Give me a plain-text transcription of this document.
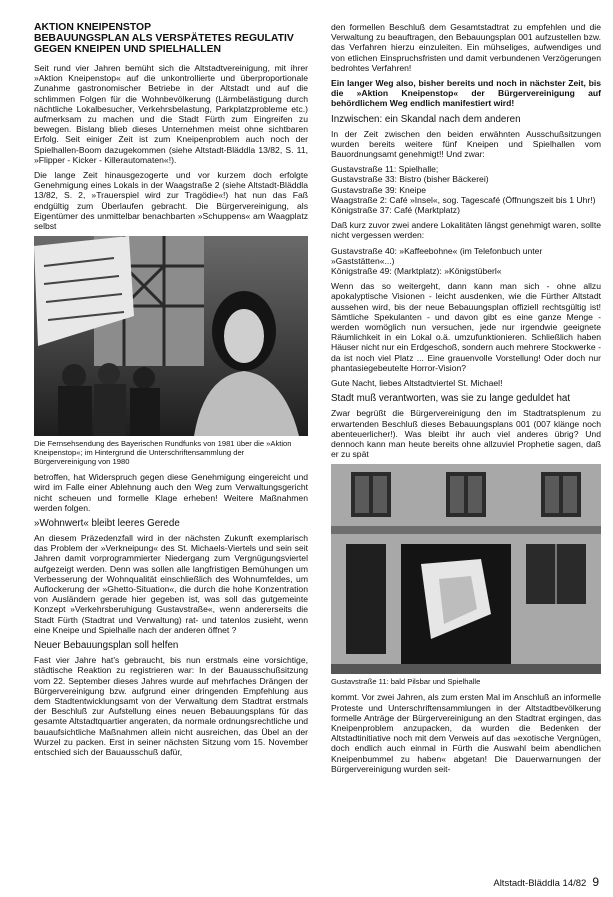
AKTION KNEIPENSTOP
BEBAUUNGSPLAN ALS VERSPÄTETES REGULATIV GEGEN KNEIPEN UND SPIELHALLEN

Seit rund vier Jahren bemüht sich die Altstadtvereinigung, mit ihrer »Aktion Kneipenstop« auf die unkontrollierte und überproportionale Zunahme gastronomischer Betriebe in der Altstadt und auf die schlimmen Folgen für die Wohnbevölkerung (Lärmbelästigung durch nächtliche Lokalbesucher, Verkehrsbelastung, Parkplatzprobleme etc.) aufmerksam zu machen und die Stadt Fürth zum Eingreifen zu bewegen. Bislang blieb dieses Unternehmen meist ohne sichtbaren Erfolg. Seit einiger Zeit ist zum Kneipenproblem auch noch der Spielhallen-Boom dazugekommen (siehe Altstadt-Bläddla 13/82, S. 11, »Flipper - Kicker - Killerautomaten«!).

Die lange Zeit hinausgezogerte und vor kurzem doch erfolgte Genehmigung eines Lokals in der Waagstraße 2 (siehe Altstadt-Bläddla 13/82, S. 2, »Trauerspiel wird zur Tragödie«!) hat nun das Faß endgültig zum Überlaufen gebracht. Die Bürgervereinigung, als Eigentümer des unmittelbar benachbarten »Schuppens« am Waagplatz selbst

Die Fernsehsendung des Bayerischen Rundfunks von 1981 über die »Aktion Kneipenstop«; im Hintergrund die Unterschriftensammlung der Bürgervereinigung von 1980

betroffen, hat Widerspruch gegen diese Genehmigung eingereicht und wird im Falle einer Ablehnung auch den Weg zum Verwaltungsgericht nicht scheuen und formelle Klage erheben! Weitere Maßnahmen werden folgen.

»Wohnwert« bleibt leeres Gerede

An diesem Präzedenzfall wird in der nächsten Zukunft exemplarisch das Problem der »Verkneipung« des St. Michaels-Viertels und sein seit Jahren damit vorprogrammierter Niedergang zum Vergnügungsviertel aufgezeigt werden. Denn was sollen alle langfristigen Bemühungen um Verbesserung der Wohnqualität einschließlich des Wohnumfeldes, um Auflockerung der »Ghetto-Situation«, die durch die hohe Konzentration von Ausländern gerade hier gegeben ist, was soll das gutgemeinte Konzept »Verkehrsberuhigung Gustavstraße«, wenn andererseits die Stadt Fürth (Stadtrat und Verwaltung) rat- und tatenlos zusieht, wenn eine Kneipe und Spielhalle nach der anderen öffnet ?

Neuer Bebauungsplan soll helfen

Fast vier Jahre hat's gebraucht, bis nun erstmals eine vorsichtige, städtische Reaktion zu registrieren war: In der Bauausschußsitzung vom 22. September dieses Jahres wurde auf mehrfaches Drängen der Bürgervereinigung bzw. aufgrund einer dringenden Empfehlung aus dem Stadtentwicklungsamt von der Verwaltung dem Stadtrat erstmals der Beschluß zur Aufstellung eines neuen Bebauungsplans für das gesamte Altstadtquartier angeraten, da normale ordnungsrechtliche und bauaufsichtliche Maßnahmen allein nicht ausreichen, das Übel an der Wurzel zu packen. Erst in seiner nächsten Sitzung vom 15. November entschied sich der Bauausschuß dafür,

den formellen Beschluß dem Gesamtstadtrat zu empfehlen und die Verwaltung zu beauftragen, den Bebauungsplan 001 aufzustellen bzw. das Verfahren hierzu einzuleiten. Ein mühseliges, aufwendiges und von etlichen Einspruchsfristen und damit verbundenen Verzögerungen bedrohtes Verfahren!

Ein langer Weg also, bisher bereits und noch in nächster Zeit, bis die »Aktion Kneipenstop« der Bürgervereinigung auf behördlichem Weg endlich manifestiert wird!

Inzwischen: ein Skandal nach dem anderen

In der Zeit zwischen den beiden erwähnten Ausschußsitzungen wurden bereits weitere fünf Kneipen und Spielhallen vom Bauordnungsamt genehmigt!! Und zwar:

Gustavstraße 11: Spielhalle;

Gustavstraße 33: Bistro (bisher Bäckerei)

Gustavstraße 39: Kneipe

Waagstraße 2: Café »Insel«, sog. Tagescafé (Öffnungszeit bis 1 Uhr!)

Königstraße 37: Café (Marktplatz)

Daß kurz zuvor zwei andere Lokalitäten längst genehmigt waren, sollte nicht vergessen werden:

Gustavstraße 40: »Kaffeebohne« (im Telefonbuch unter »Gaststätten«...)

Königstraße 49: (Marktplatz): »Königstüberl«

Wenn das so weitergeht, dann kann man sich - ohne allzu apokalyptische Visionen - leicht ausdenken, wie die Fürther Altstadt aussehen wird, bis der neue Bebauungsplan offiziell rechtsgültig ist! Sämtliche Spekulanten - und davon gibt es eine ganze Menge - werden womöglich nun versuchen, jede nur irgendwie geeignete Räumlichkeit in ein Lokal o.ä. umzufunktionieren. Schließlich haben Häuser nicht nur ein Erdgeschoß, sondern auch mehrere Stockwerke - da ist noch viel Platz ... Eine grauenvolle Vorstellung! Oder doch nur phantasiegebeutelte Horror-Vision?

Gute Nacht, liebes Altstadtviertel St. Michael!

Stadt muß verantworten, was sie zu lange geduldet hat

Zwar begrüßt die Bürgervereinigung den im Stadtratsplenum zu erwartenden Beschluß dieses Bebauungsplans 001 (007 klänge noch abenteuerlicher!). Was bleibt ihr auch viel anderes übrig? Und dennoch kann man heute bereits ohne allzuviel Prophetie sagen, daß er zu spät

Gustavstraße 11: bald Pilsbar und Spielhalle

kommt. Vor zwei Jahren, als zum ersten Mal im Anschluß an informelle Proteste und Unterschriftensammlungen in der Altstadtbevölkerung formelle Anträge der Bürgervereinigung an den Stadtrat ergingen, das Kneipenproblem anzupacken, da wurden die Bedenken der Altstadtinitiative noch mit dem Verweis auf das »exotische Vergnügen, doch endlich auch einmal in Fürth die Auswahl beim abendlichen Kneipenbummel zu haben« abgetan! Die Dauerwarnungen der Bürgervereinigung wurden seit-

Altstadt-Bläddla 14/82 9
